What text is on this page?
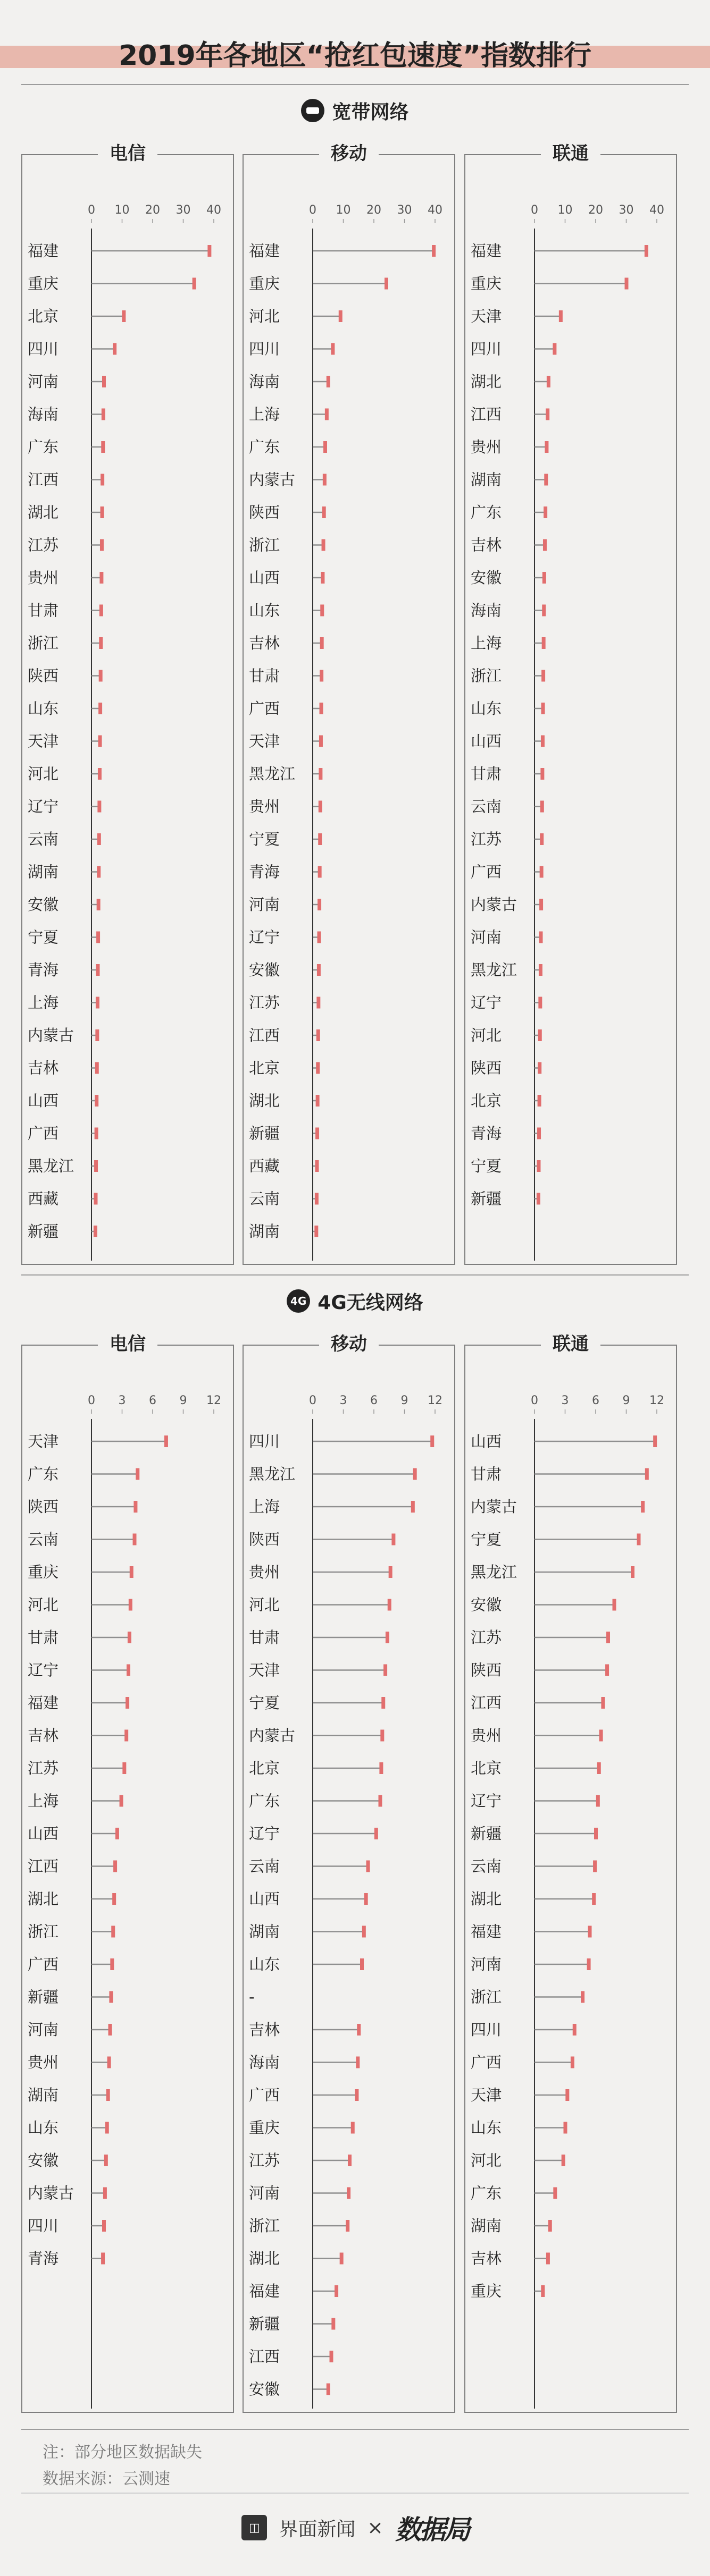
2019年各地区“抢红包速度”指数排行
宽带网络
4G 4G无线网络
电信
0 10 20 30 40
福建
重庆
北京
四川
河南
海南
广东
江西
湖北
江苏
贵州
甘肃
浙江
陕西
山东
天津
河北
辽宁
云南
湖南
安徽
宁夏
青海
上海
内蒙古
吉林
山西
广西
黑龙江
西藏
新疆
移动
0 10 20 30 40
福建
重庆
河北
四川
海南
上海
广东
内蒙古
陕西
浙江
山西
山东
吉林
甘肃
广西
天津
黑龙江
贵州
宁夏
青海
河南
辽宁
安徽
江苏
江西
北京
湖北
新疆
西藏
云南
湖南
联通
0 10 20 30 40
福建
重庆
天津
四川
湖北
江西
贵州
湖南
广东
吉林
安徽
海南
上海
浙江
山东
山西
甘肃
云南
江苏
广西
内蒙古
河南
黑龙江
辽宁
河北
陕西
北京
青海
宁夏
新疆
电信
0 3 6 9 12
天津
广东
陕西
云南
重庆
河北
甘肃
辽宁
福建
吉林
江苏
上海
山西
江西
湖北
浙江
广西
新疆
河南
贵州
湖南
山东
安徽
内蒙古
四川
青海
移动
0 3 6 9 12
四川
黑龙江
上海
陕西
贵州
河北
甘肃
天津
宁夏
内蒙古
北京
广东
辽宁
云南
山西
湖南
山东
-
吉林
海南
广西
重庆
江苏
河南
浙江
湖北
福建
新疆
江西
安徽
联通
0 3 6 9 12
山西
甘肃
内蒙古
宁夏
黑龙江
安徽
江苏
陕西
江西
贵州
北京
辽宁
新疆
云南
湖北
福建
河南
浙江
四川
广西
天津
山东
河北
广东
湖南
吉林
重庆
注：部分地区数据缺失
数据来源：云测速
◫ 界面新闻 × 数据局
